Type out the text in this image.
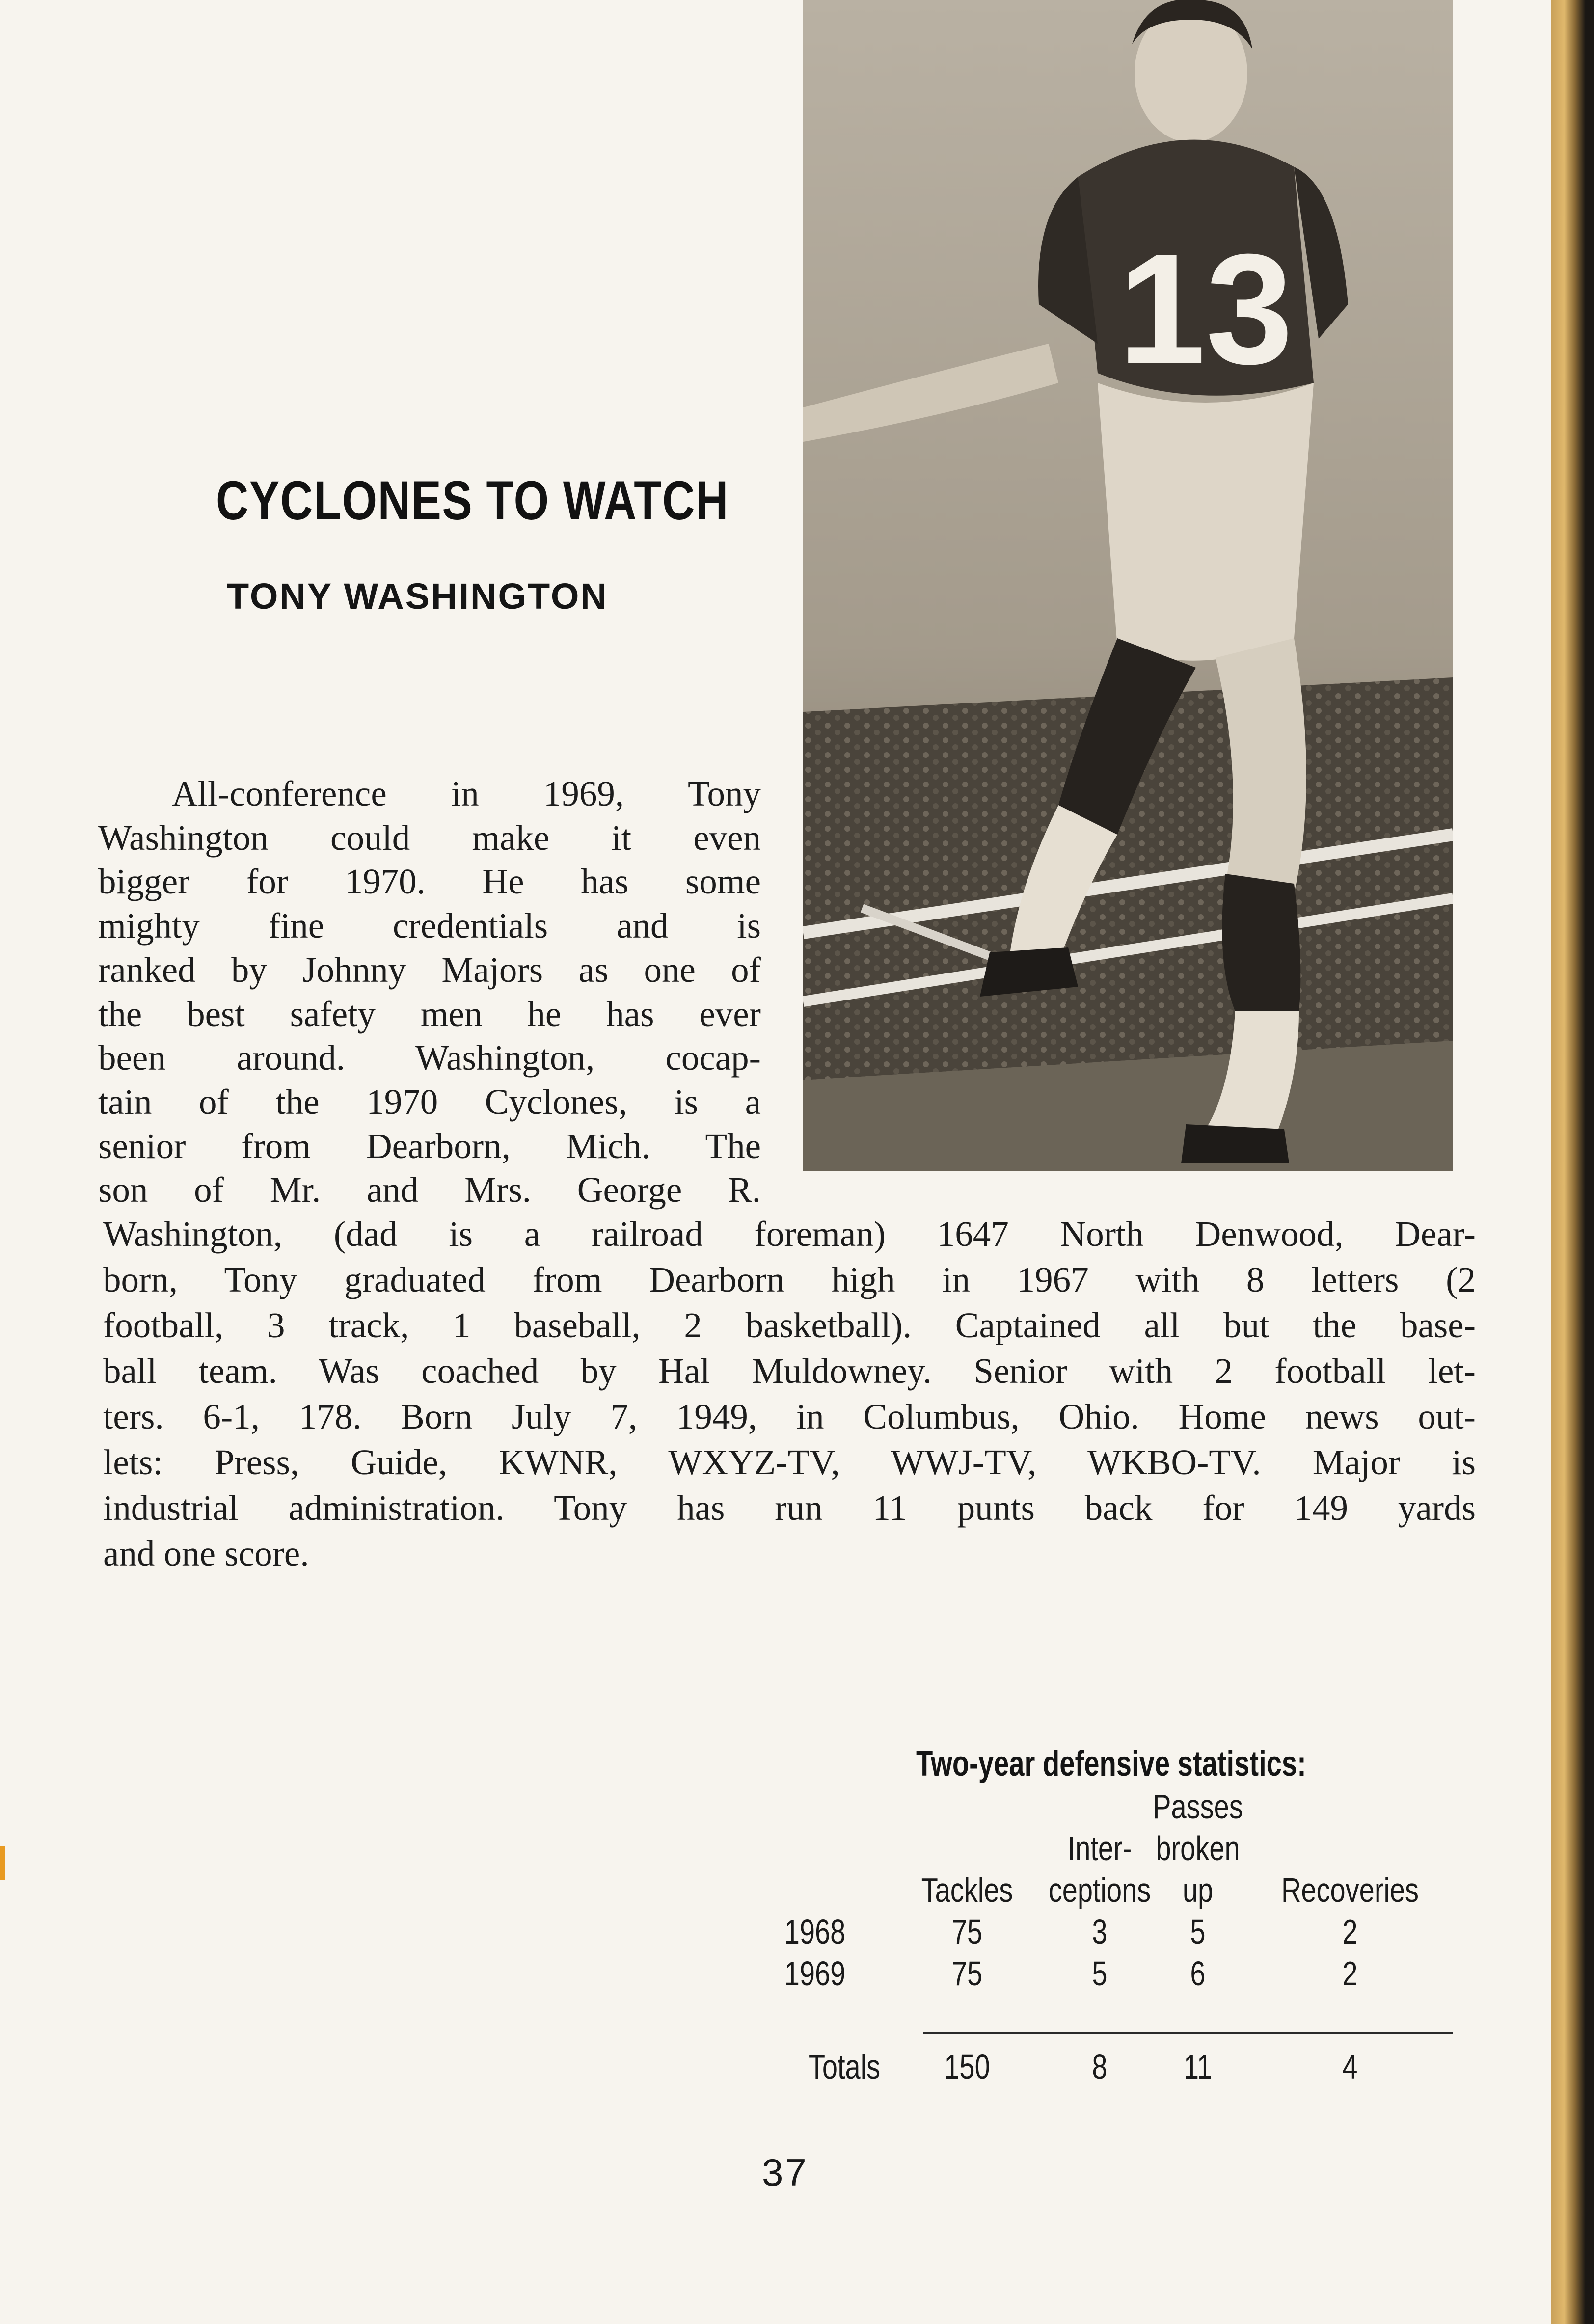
13
CYCLONES TO WATCH
TONY WASHINGTON

All-conference in 1969, Tony
Washington could make it even
bigger for 1970. He has some
mighty fine credentials and is
ranked by Johnny Majors as one of
the best safety men he has ever
been around. Washington, cocap-
tain of the 1970 Cyclones, is a
senior from Dearborn, Mich. The
son of Mr. and Mrs. George R.

Washington, (dad is a railroad foreman) 1647 North Denwood, Dear-
born, Tony graduated from Dearborn high in 1967 with 8 letters (2
football, 3 track, 1 baseball, 2 basketball). Captained all but the base-
ball team. Was coached by Hal Muldowney. Senior with 2 football let-
ters. 6-1, 178. Born July 7, 1949, in Columbus, Ohio. Home news out-
lets: Press, Guide, KWNR, WXYZ-TV, WWJ-TV, WKBO-TV. Major is
industrial administration. Tony has run 11 punts back for 149 yards
and one score.

Two-year defensive statistics:
Passes
Inter- broken
Tackles ceptions up	Recoveries
1968	75	3	5	2
1969	75	5	6	2
Totals	150	8	11	4
37
